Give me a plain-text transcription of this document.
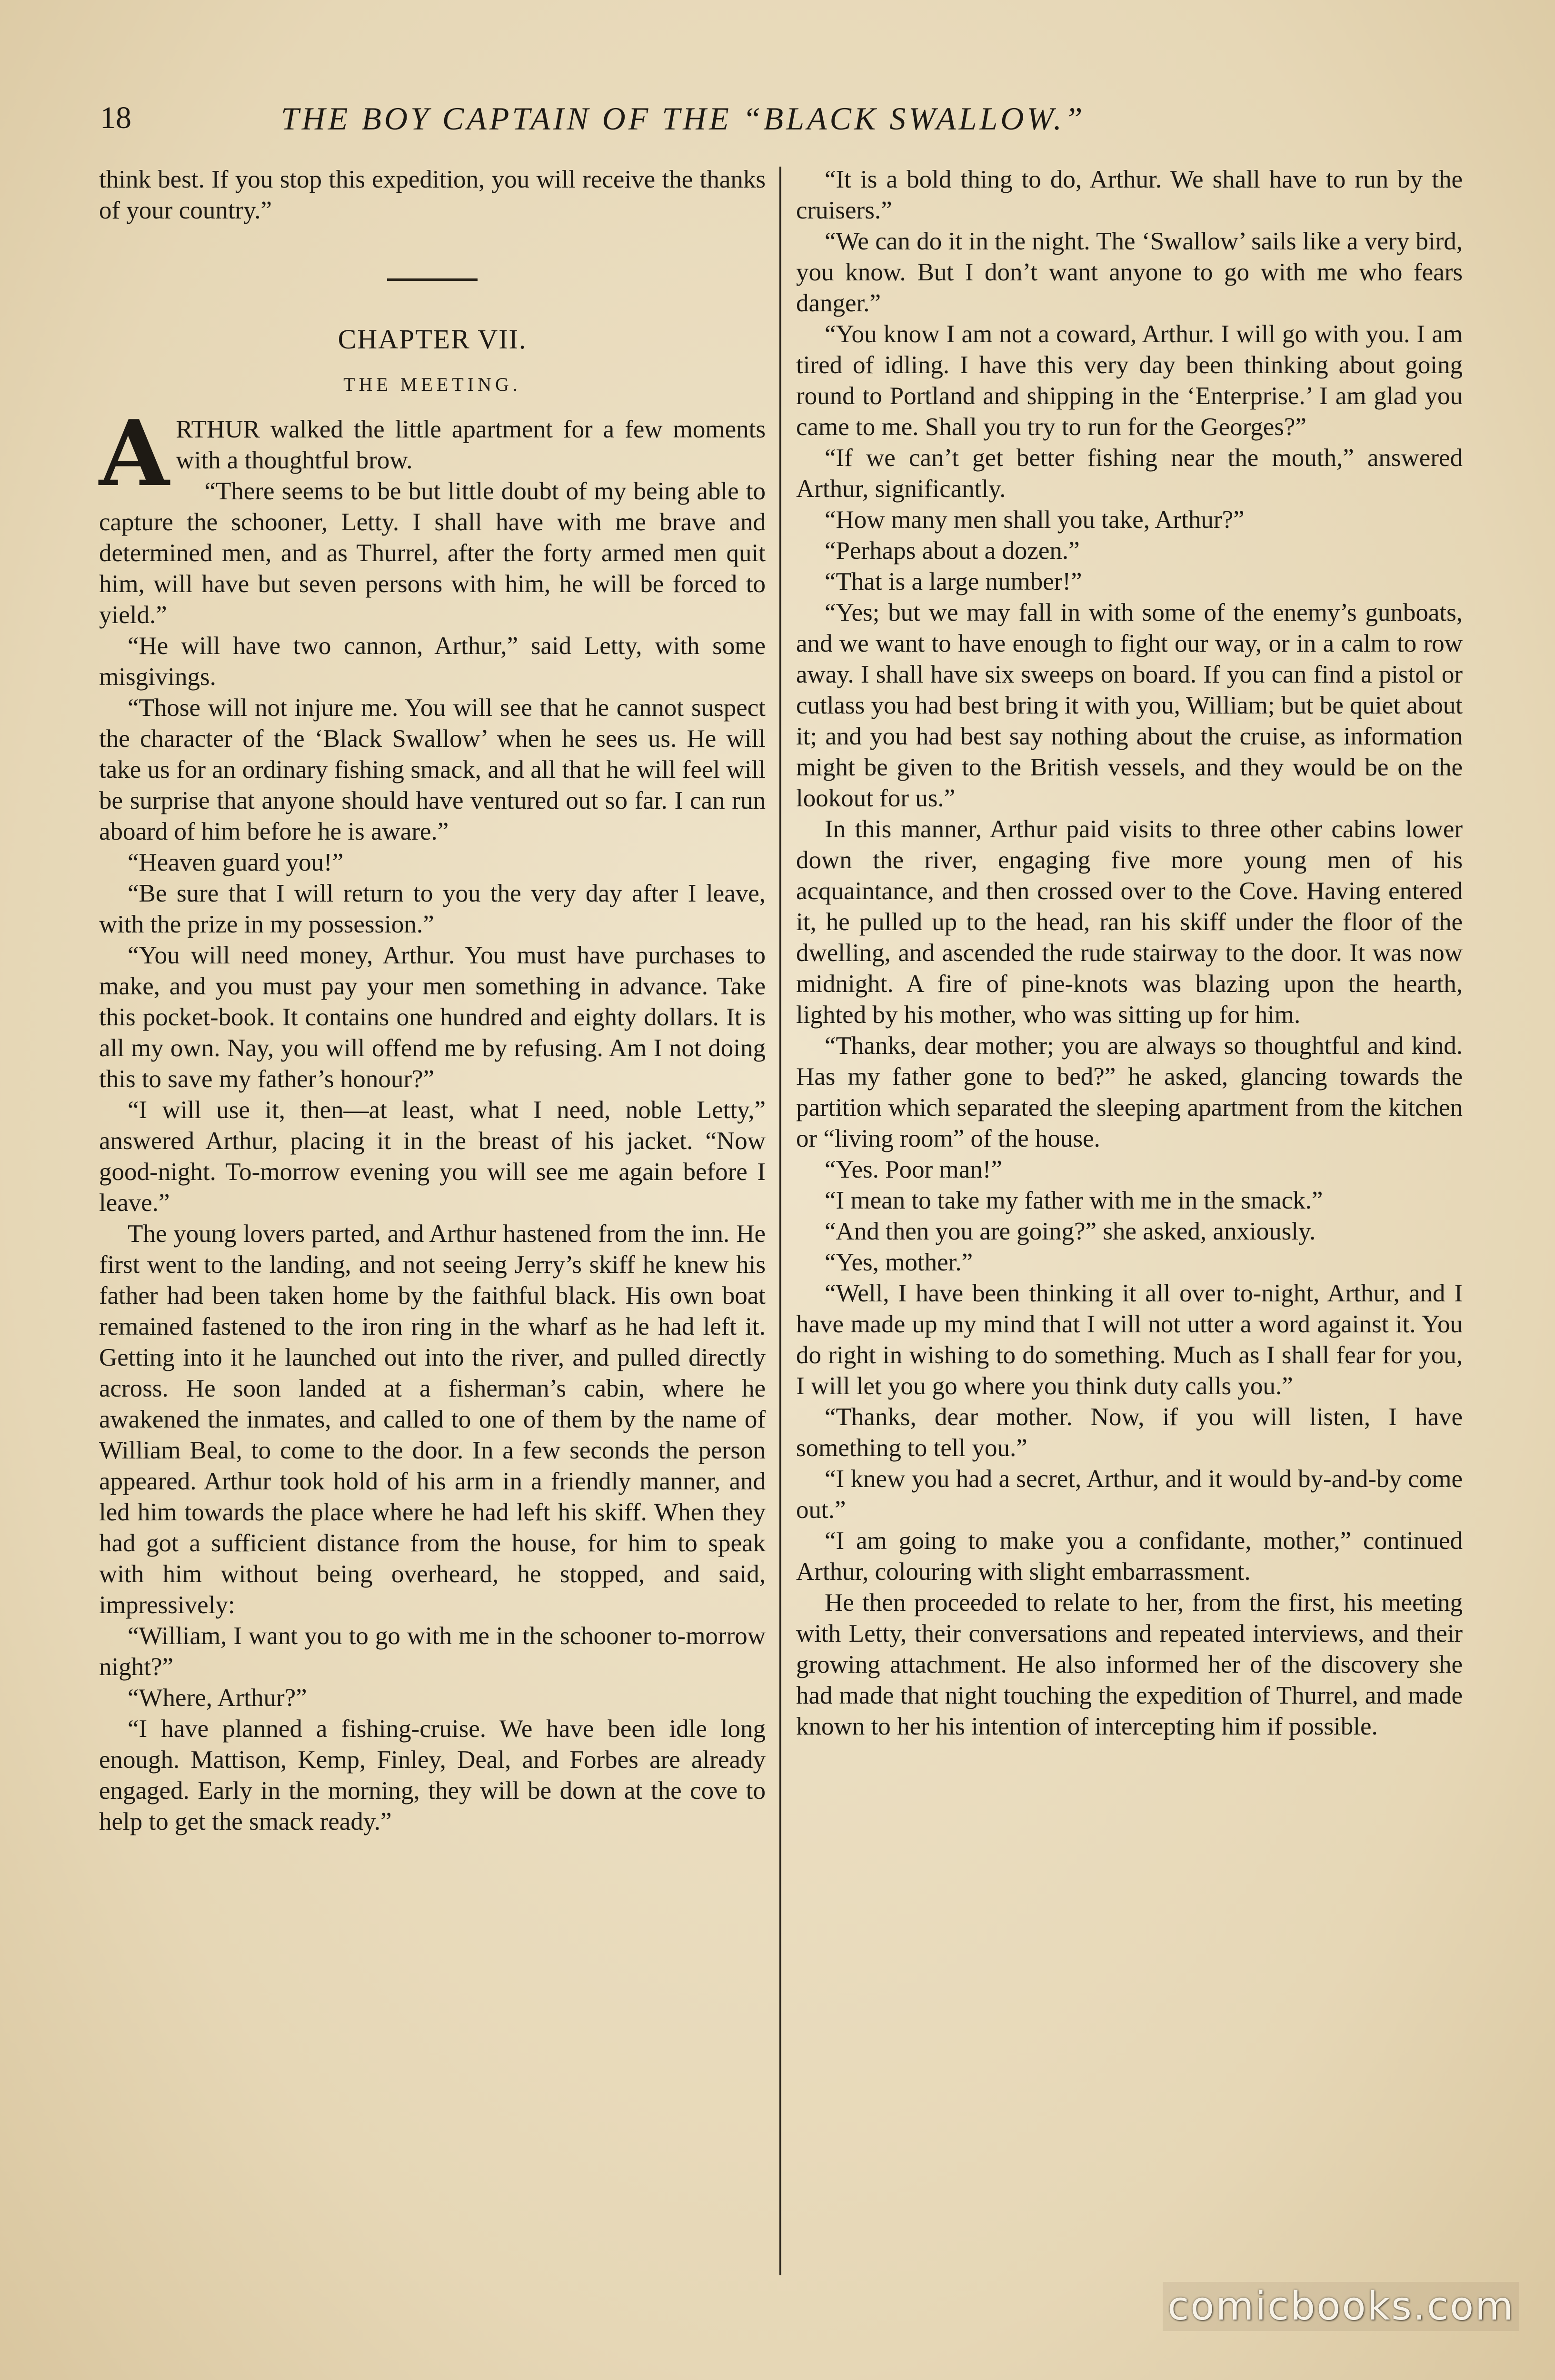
18	THE BOY CAPTAIN OF THE “BLACK SWALLOW.”

think best. If you stop this expedition, you will receive the thanks of your country.”

CHAPTER VII.
THE MEETING.

ARTHUR walked the little apartment for a few moments with a thoughtful brow.

“There seems to be but little doubt of my being able to capture the schooner, Letty. I shall have with me brave and determined men, and as Thurrel, after the forty armed men quit him, will have but seven persons with him, he will be forced to yield.”

“He will have two cannon, Arthur,” said Letty, with some misgivings.

“Those will not injure me. You will see that he cannot suspect the character of the ‘Black Swallow’ when he sees us. He will take us for an ordinary fishing smack, and all that he will feel will be surprise that anyone should have ventured out so far. I can run aboard of him before he is aware.”

“Heaven guard you!”

“Be sure that I will return to you the very day after I leave, with the prize in my possession.”

“You will need money, Arthur. You must have purchases to make, and you must pay your men something in advance. Take this pocket-book. It contains one hundred and eighty dollars. It is all my own. Nay, you will offend me by refusing. Am I not doing this to save my father’s honour?”

“I will use it, then—at least, what I need, noble Letty,” answered Arthur, placing it in the breast of his jacket. “Now good-night. To-morrow evening you will see me again before I leave.”

The young lovers parted, and Arthur hastened from the inn. He first went to the landing, and not seeing Jerry’s skiff he knew his father had been taken home by the faithful black. His own boat remained fastened to the iron ring in the wharf as he had left it. Getting into it he launched out into the river, and pulled directly across. He soon landed at a fisherman’s cabin, where he awakened the inmates, and called to one of them by the name of William Beal, to come to the door. In a few seconds the person appeared. Arthur took hold of his arm in a friendly manner, and led him towards the place where he had left his skiff. When they had got a sufficient distance from the house, for him to speak with him without being overheard, he stopped, and said, impressively:

“William, I want you to go with me in the schooner to-morrow night?”

“Where, Arthur?”

“I have planned a fishing-cruise. We have been idle long enough. Mattison, Kemp, Finley, Deal, and Forbes are already engaged. Early in the morning, they will be down at the cove to help to get the smack ready.”

“It is a bold thing to do, Arthur. We shall have to run by the cruisers.”

“We can do it in the night. The ‘Swallow’ sails like a very bird, you know. But I don’t want anyone to go with me who fears danger.”

“You know I am not a coward, Arthur. I will go with you. I am tired of idling. I have this very day been thinking about going round to Portland and shipping in the ‘Enterprise.’ I am glad you came to me. Shall you try to run for the Georges?”

“If we can’t get better fishing near the mouth,” answered Arthur, significantly.

“How many men shall you take, Arthur?”

“Perhaps about a dozen.”

“That is a large number!”

“Yes; but we may fall in with some of the enemy’s gunboats, and we want to have enough to fight our way, or in a calm to row away. I shall have six sweeps on board. If you can find a pistol or cutlass you had best bring it with you, William; but be quiet about it; and you had best say nothing about the cruise, as information might be given to the British vessels, and they would be on the lookout for us.”

In this manner, Arthur paid visits to three other cabins lower down the river, engaging five more young men of his acquaintance, and then crossed over to the Cove. Having entered it, he pulled up to the head, ran his skiff under the floor of the dwelling, and ascended the rude stairway to the door. It was now midnight. A fire of pine-knots was blazing upon the hearth, lighted by his mother, who was sitting up for him.

“Thanks, dear mother; you are always so thoughtful and kind. Has my father gone to bed?” he asked, glancing towards the partition which separated the sleeping apartment from the kitchen or “living room” of the house.

“Yes. Poor man!”

“I mean to take my father with me in the smack.”

“And then you are going?” she asked, anxiously.

“Yes, mother.”

“Well, I have been thinking it all over to-night, Arthur, and I have made up my mind that I will not utter a word against it. You do right in wishing to do something. Much as I shall fear for you, I will let you go where you think duty calls you.”

“Thanks, dear mother. Now, if you will listen, I have something to tell you.”

“I knew you had a secret, Arthur, and it would by-and-by come out.”

“I am going to make you a confidante, mother,” continued Arthur, colouring with slight embarrassment.

He then proceeded to relate to her, from the first, his meeting with Letty, their conversations and repeated interviews, and their growing attachment. He also informed her of the discovery she had made that night touching the expedition of Thurrel, and made known to her his intention of intercepting him if possible.

comicbooks.com
